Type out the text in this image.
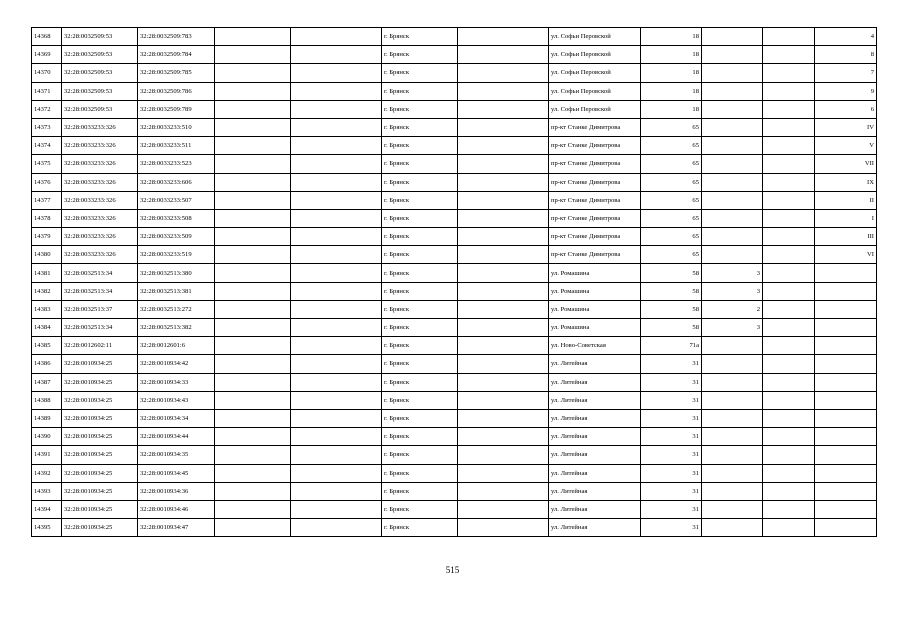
14368	32:28:0032509:53	32:28:0032509:783			г. Брянск		ул. Софьи Перовской	18			4
14369	32:28:0032509:53	32:28:0032509:784			г. Брянск		ул. Софьи Перовской	18			8
14370	32:28:0032509:53	32:28:0032509:785			г. Брянск		ул. Софьи Перовской	18			7
14371	32:28:0032509:53	32:28:0032509:786			г. Брянск		ул. Софьи Перовской	18			9
14372	32:28:0032509:53	32:28:0032509:789			г. Брянск		ул. Софьи Перовской	18			6
14373	32:28:0033233:326	32:28:0033233:510			г. Брянск		пр-кт Станке Димитрова	65			IV
14374	32:28:0033233:326	32:28:0033233:511			г. Брянск		пр-кт Станке Димитрова	65			V
14375	32:28:0033233:326	32:28:0033233:523			г. Брянск		пр-кт Станке Димитрова	65			VII
14376	32:28:0033233:326	32:28:0033233:606			г. Брянск		пр-кт Станке Димитрова	65			IX
14377	32:28:0033233:326	32:28:0033233:507			г. Брянск		пр-кт Станке Димитрова	65			II
14378	32:28:0033233:326	32:28:0033233:508			г. Брянск		пр-кт Станке Димитрова	65			I
14379	32:28:0033233:326	32:28:0033233:509			г. Брянск		пр-кт Станке Димитрова	65			III
14380	32:28:0033233:326	32:28:0033233:519			г. Брянск		пр-кт Станке Димитрова	65			VI
14381	32:28:0032513:34	32:28:0032513:380			г. Брянск		ул. Ромашина	58	3		
14382	32:28:0032513:34	32:28:0032513:381			г. Брянск		ул. Ромашина	58	3		
14383	32:28:0032513:37	32:28:0032513:272			г. Брянск		ул. Ромашина	58	2		
14384	32:28:0032513:34	32:28:0032513:382			г. Брянск		ул. Ромашина	58	3		
14385	32:28:0012602:11	32:28:0012601:6			г. Брянск		ул. Ново-Советская	71а			
14386	32:28:0010934:25	32:28:0010934:42			г. Брянск		ул. Литейная	31			
14387	32:28:0010934:25	32:28:0010934:33			г. Брянск		ул. Литейная	31			
14388	32:28:0010934:25	32:28:0010934:43			г. Брянск		ул. Литейная	31			
14389	32:28:0010934:25	32:28:0010934:34			г. Брянск		ул. Литейная	31			
14390	32:28:0010934:25	32:28:0010934:44			г. Брянск		ул. Литейная	31			
14391	32:28:0010934:25	32:28:0010934:35			г. Брянск		ул. Литейная	31			
14392	32:28:0010934:25	32:28:0010934:45			г. Брянск		ул. Литейная	31			
14393	32:28:0010934:25	32:28:0010934:36			г. Брянск		ул. Литейная	31			
14394	32:28:0010934:25	32:28:0010934:46			г. Брянск		ул. Литейная	31			
14395	32:28:0010934:25	32:28:0010934:47			г. Брянск		ул. Литейная	31			
515
